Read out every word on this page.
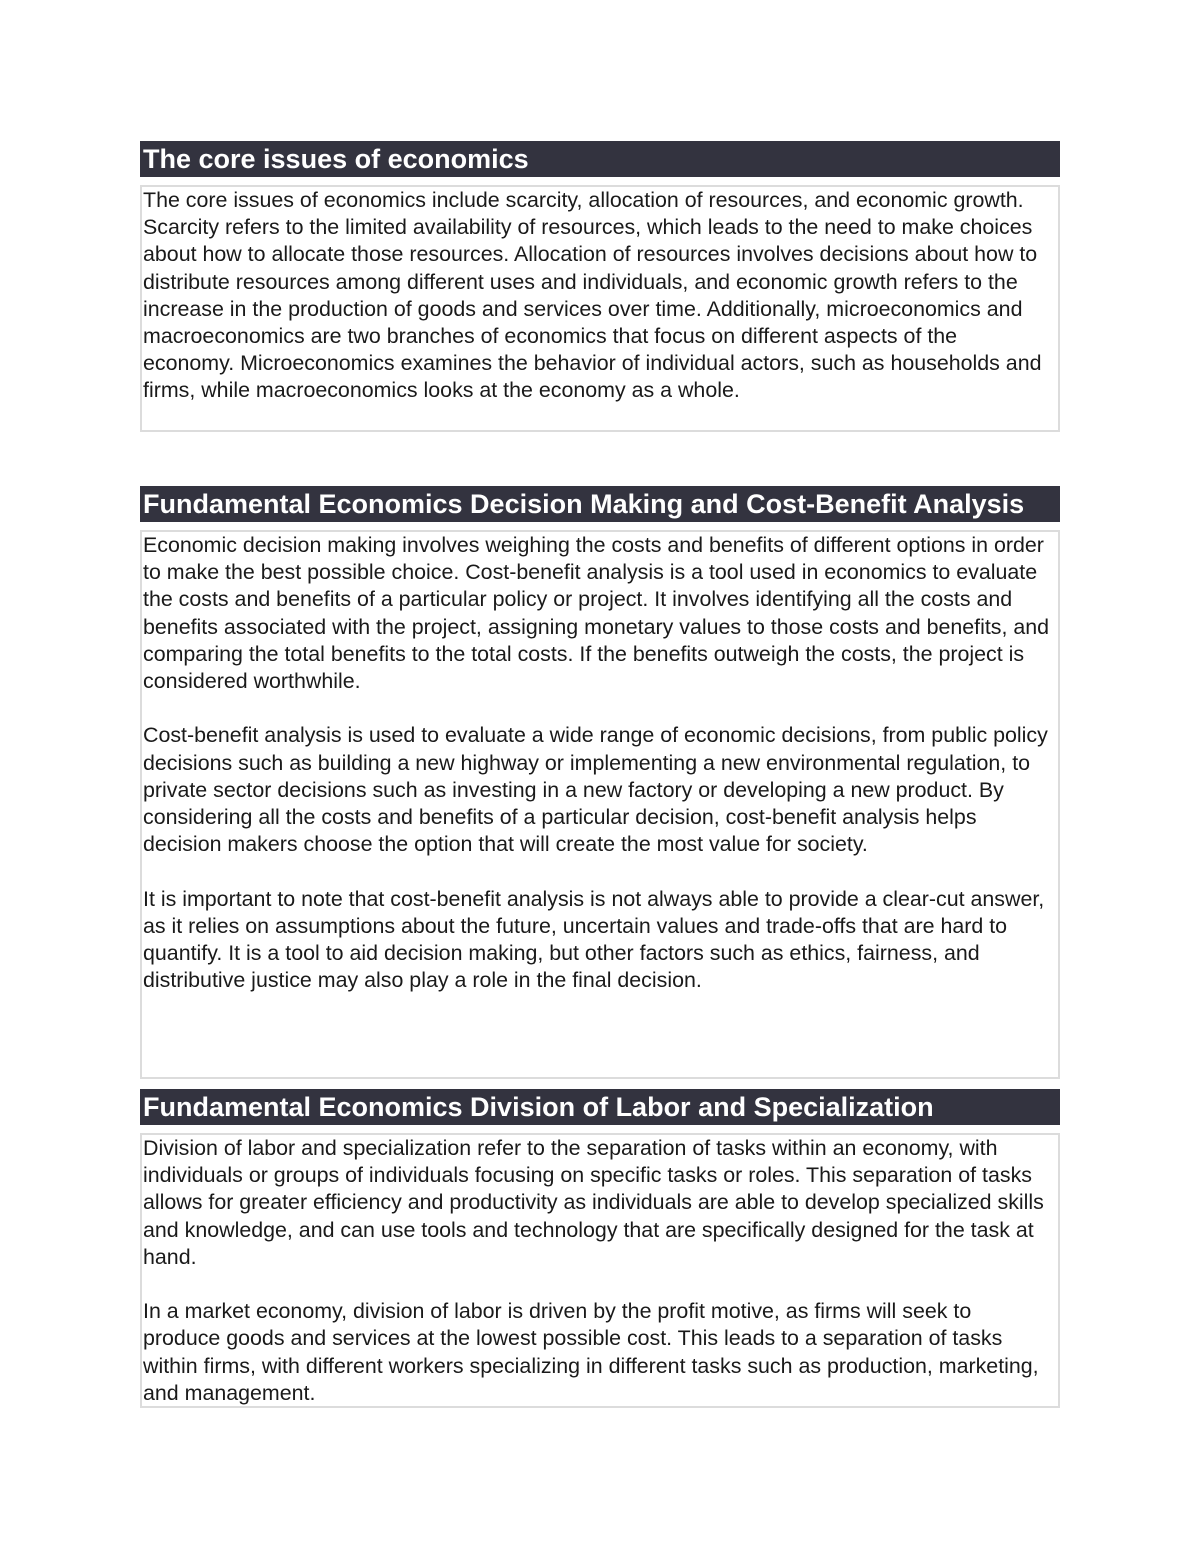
The core issues of economics

The core issues of economics include scarcity, allocation of resources, and economic growth. Scarcity refers to the limited availability of resources, which leads to the need to make choices about how to allocate those resources. Allocation of resources involves decisions about how to distribute resources among different uses and individuals, and economic growth refers to the increase in the production of goods and services over time. Additionally, microeconomics and macroeconomics are two branches of economics that focus on different aspects of the economy. Microeconomics examines the behavior of individual actors, such as households and firms, while macroeconomics looks at the economy as a whole.

Fundamental Economics Decision Making and Cost-Benefit Analysis

Economic decision making involves weighing the costs and benefits of different options in order to make the best possible choice. Cost-benefit analysis is a tool used in economics to evaluate the costs and benefits of a particular policy or project. It involves identifying all the costs and benefits associated with the project, assigning monetary values to those costs and benefits, and comparing the total benefits to the total costs. If the benefits outweigh the costs, the project is considered worthwhile.

Cost-benefit analysis is used to evaluate a wide range of economic decisions, from public policy decisions such as building a new highway or implementing a new environmental regulation, to private sector decisions such as investing in a new factory or developing a new product. By considering all the costs and benefits of a particular decision, cost-benefit analysis helps decision makers choose the option that will create the most value for society.

It is important to note that cost-benefit analysis is not always able to provide a clear-cut answer, as it relies on assumptions about the future, uncertain values and trade-offs that are hard to quantify. It is a tool to aid decision making, but other factors such as ethics, fairness, and distributive justice may also play a role in the final decision.

Fundamental Economics Division of Labor and Specialization

Division of labor and specialization refer to the separation of tasks within an economy, with individuals or groups of individuals focusing on specific tasks or roles. This separation of tasks allows for greater efficiency and productivity as individuals are able to develop specialized skills and knowledge, and can use tools and technology that are specifically designed for the task at hand.

In a market economy, division of labor is driven by the profit motive, as firms will seek to produce goods and services at the lowest possible cost. This leads to a separation of tasks within firms, with different workers specializing in different tasks such as production, marketing, and management.
